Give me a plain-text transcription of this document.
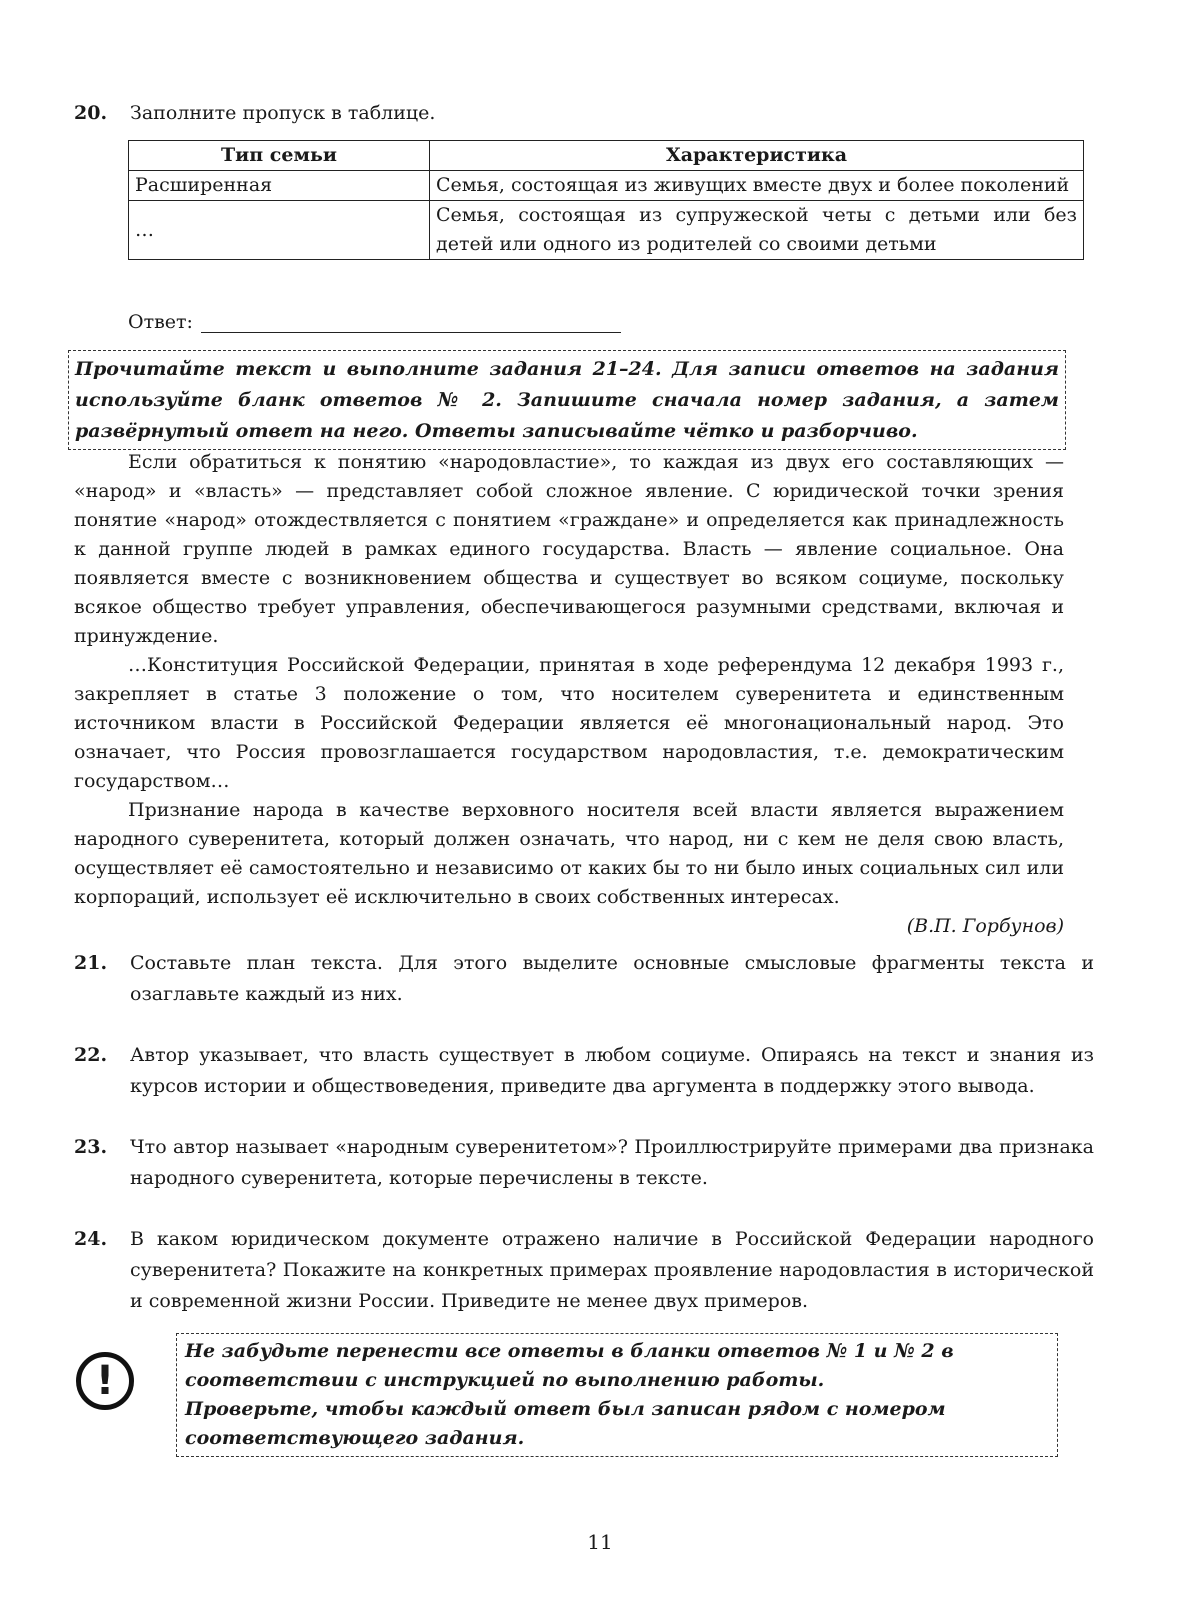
20.	Заполните пропуск в таблице.
Тип семьи	Характеристика
Расширенная	Семья, состоящая из живущих вместе двух и более поколений
…	Семья, состоящая из супружеской четы с детьми или без детей или одного из родителей со своими детьми
Ответ:
Прочитайте текст и выполните задания 21–24. Для записи ответов на задания используйте бланк ответов № 2. Запишите сначала номер задания, а затем развёрнутый ответ на него. Ответы записывайте чётко и разборчиво.

Если обратиться к понятию «народовластие», то каждая из двух его составляющих — «народ» и «власть» — представляет собой сложное явление. С юридической точки зрения понятие «народ» отождествляется с понятием «граждане» и определяется как принадлежность к данной группе людей в рамках единого государства. Власть — явление социальное. Она появляется вместе с возникновением общества и существует во всяком социуме, поскольку всякое общество требует управления, обеспечивающегося разумными средствами, включая и принуждение.

…Конституция Российской Федерации, принятая в ходе референдума 12 декабря 1993 г., закрепляет в статье 3 положение о том, что носителем суверенитета и единственным источником власти в Российской Федерации является её многонациональный народ. Это означает, что Россия провозглашается государством народовластия, т.е. демократическим государством…

Признание народа в качестве верховного носителя всей власти является выражением народного суверенитета, который должен означать, что народ, ни с кем не деля свою власть, осуществляет её самостоятельно и независимо от каких бы то ни было иных социальных сил или корпораций, использует её исключительно в своих собственных интересах.

(В.П. Горбунов)
21.	Составьте план текста. Для этого выделите основные смысловые фрагменты текста и озаглавьте каждый из них.
22.	Автор указывает, что власть существует в любом социуме. Опираясь на текст и знания из курсов истории и обществоведения, приведите два аргумента в поддержку этого вывода.
23.	Что автор называет «народным суверенитетом»? Проиллюстрируйте примерами два признака народного суверенитета, которые перечислены в тексте.
24.	В каком юридическом документе отражено наличие в Российской Федерации народного суверенитета? Покажите на конкретных примерах проявление народовластия в исторической и современной жизни России. Приведите не менее двух примеров.
!
Не забудьте перенести все ответы в бланки ответов № 1 и № 2 в соответствии с инструкцией по выполнению работы.
Проверьте, чтобы каждый ответ был записан рядом с номером соответствующего задания.
11
